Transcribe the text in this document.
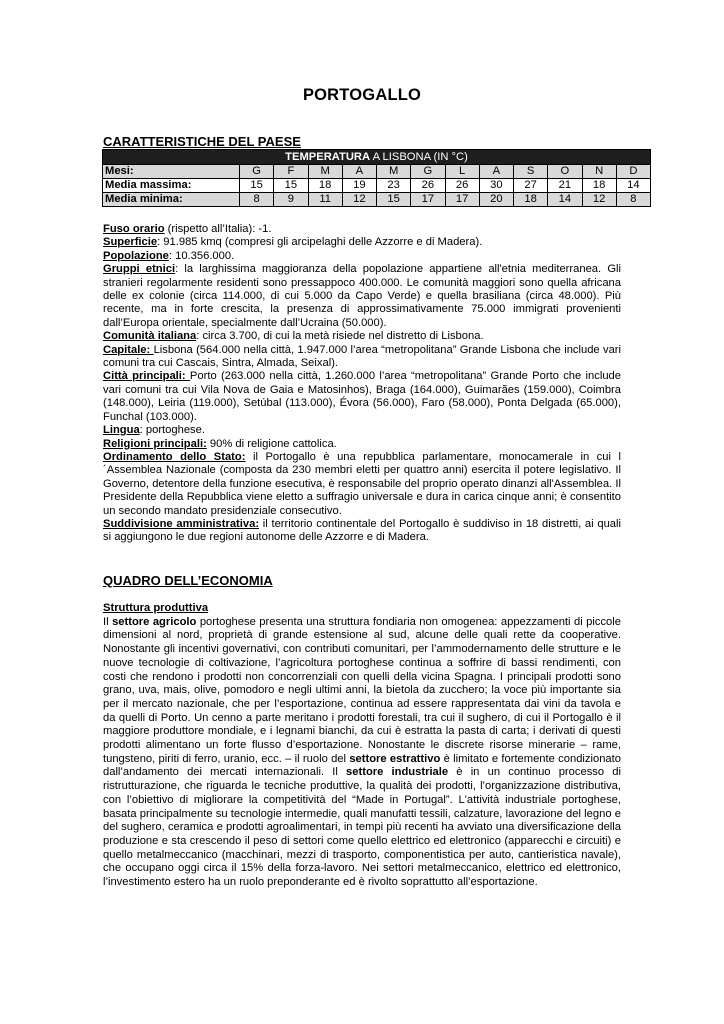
PORTOGALLO
CARATTERISTICHE DEL PAESE
TEMPERATURA A LISBONA (IN °C)												
Mesi:	G	F	M	A	M	G	L	A	S	O	N	D
Media massima:	15	15	18	19	23	26	26	30	27	21	18	14
Media minima:	8	9	11	12	15	17	17	20	18	14	12	8

Fuso orario (rispetto all’Italia): -1.

Superficie: 91.985 kmq (compresi gli arcipelaghi delle Azzorre e di Madera).

Popolazione: 10.356.000.

Gruppi etnici: la larghissima maggioranza della popolazione appartiene all'etnia mediterranea. Gli stranieri regolarmente residenti sono pressappoco 400.000. Le comunità maggiori sono quella africana delle ex colonie (circa 114.000, di cui 5.000 da Capo Verde) e quella brasiliana (circa 48.000). Più recente, ma in forte crescita, la presenza di approssimativamente 75.000 immigrati provenienti dall’Europa orientale, specialmente dall’Ucraina (50.000).

Comunità italiana: circa 3.700, di cui la metà risiede nel distretto di Lisbona.

Capitale: Lisbona (564.000 nella città, 1.947.000 l’area “metropolitana” Grande Lisbona che include vari comuni tra cui Cascais, Sintra, Almada, Seixal).

Città principali: Porto (263.000 nella città, 1.260.000 l’area “metropolitana” Grande Porto che include vari comuni tra cui Vila Nova de Gaia e Matosinhos), Braga (164.000), Guimarães (159.000), Coimbra (148.000), Leiria (119.000), Setúbal (113.000), Évora (56.000), Faro (58.000), Ponta Delgada (65.000), Funchal (103.000).

Lingua: portoghese.

Religioni principali: 90% di religione cattolica.

Ordinamento dello Stato: il Portogallo è una repubblica parlamentare, monocamerale in cui l´Assemblea Nazionale (composta da 230 membri eletti per quattro anni) esercita il potere legislativo. Il Governo, detentore della funzione esecutiva, è responsabile del proprio operato dinanzi all'Assemblea. Il Presidente della Repubblica viene eletto a suffragio universale e dura in carica cinque anni; è consentito un secondo mandato presidenziale consecutivo.

Suddivisione amministrativa: il territorio continentale del Portogallo è suddiviso in 18 distretti, ai quali si aggiungono le due regioni autonome delle Azzorre e di Madera.

QUADRO DELL’ECONOMIA
Struttura produttiva

Il settore agricolo portoghese presenta una struttura fondiaria non omogenea: appezzamenti di piccole dimensioni al nord, proprietà di grande estensione al sud, alcune delle quali rette da cooperative. Nonostante gli incentivi governativi, con contributi comunitari, per l’ammodernamento delle strutture e le nuove tecnologie di coltivazione, l’agricoltura portoghese continua a soffrire di bassi rendimenti, con costi che rendono i prodotti non concorrenziali con quelli della vicina Spagna. I principali prodotti sono grano, uva, mais, olive, pomodoro e negli ultimi anni, la bietola da zucchero; la voce più importante sia per il mercato nazionale, che per l’esportazione, continua ad essere rappresentata dai vini da tavola e da quelli di Porto. Un cenno a parte meritano i prodotti forestali, tra cui il sughero, di cui il Portogallo è il maggiore produttore mondiale, e i legnami bianchi, da cui è estratta la pasta di carta; i derivati di questi prodotti alimentano un forte flusso d’esportazione. Nonostante le discrete risorse minerarie – rame, tungsteno, piriti di ferro, uranio, ecc. – il ruolo del settore estrattivo è limitato e fortemente condizionato dall’andamento dei mercati internazionali. Il settore industriale è in un continuo processo di ristrutturazione, che riguarda le tecniche produttive, la qualità dei prodotti, l’organizzazione distributiva, con l’obiettivo di migliorare la competitività del “Made in Portugal”. L'attività industriale portoghese, basata principalmente su tecnologie intermedie, quali manufatti tessili, calzature, lavorazione del legno e del sughero, ceramica e prodotti agroalimentari, in tempi più recenti ha avviato una diversificazione della produzione e sta crescendo il peso di settori come quello elettrico ed elettronico (apparecchi e circuiti) e quello metalmeccanico (macchinari, mezzi di trasporto, componentistica per auto, cantieristica navale), che occupano oggi circa il 15% della forza-lavoro. Nei settori metalmeccanico, elettrico ed elettronico, l’investimento estero ha un ruolo preponderante ed è rivolto soprattutto all’esportazione.
